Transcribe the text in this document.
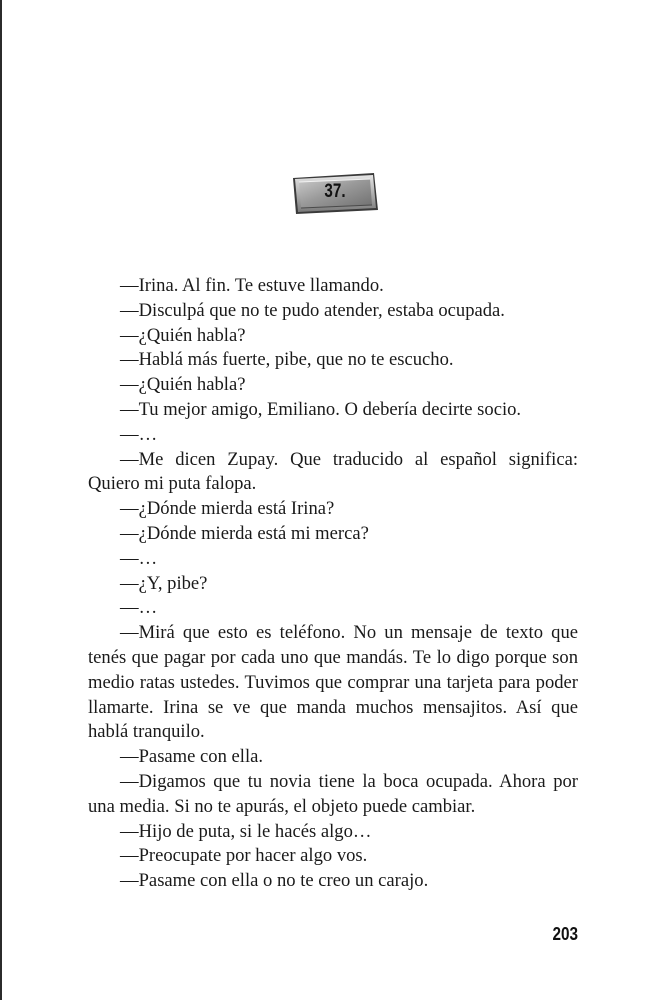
37.

—Irina. Al fin. Te estuve llamando.

—Disculpá que no te pudo atender, estaba ocupada.

—¿Quién habla?

—Hablá más fuerte, pibe, que no te escucho.

—¿Quién habla?

—Tu mejor amigo, Emiliano. O debería decirte socio.

—…

—Me dicen Zupay. Que traducido al español significa: Quiero mi puta falopa.

—¿Dónde mierda está Irina?

—¿Dónde mierda está mi merca?

—…

—¿Y, pibe?

—…

—Mirá que esto es teléfono. No un mensaje de texto que tenés que pagar por cada uno que mandás. Te lo digo porque son medio ratas ustedes. Tuvimos que comprar una tarjeta para poder llamarte. Irina se ve que manda muchos mensajitos. Así que hablá tranquilo.

—Pasame con ella.

—Digamos que tu novia tiene la boca ocupada. Ahora por una media. Si no te apurás, el objeto puede cambiar.

—Hijo de puta, si le hacés algo…

—Preocupate por hacer algo vos.

—Pasame con ella o no te creo un carajo.

203
